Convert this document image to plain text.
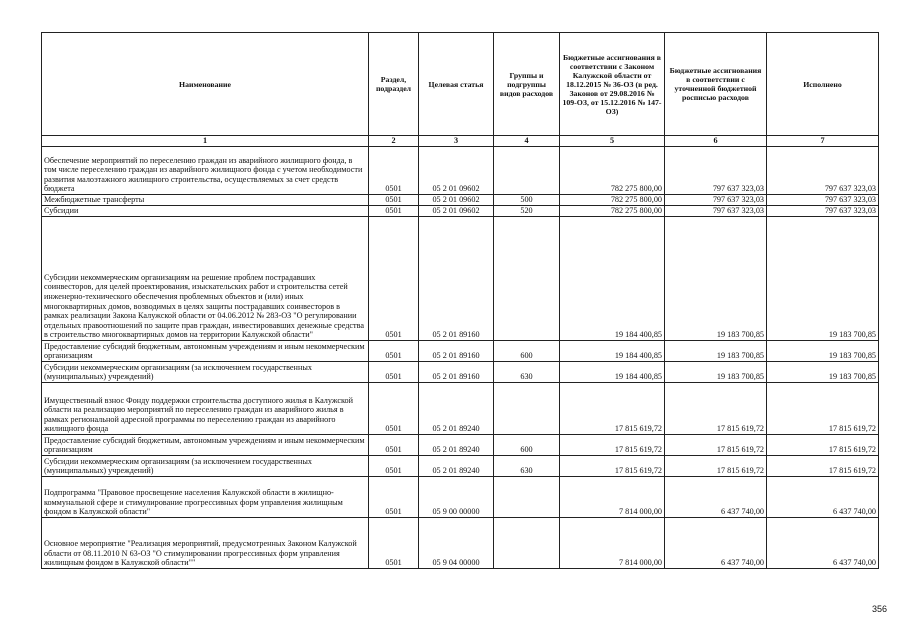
Наименование	Раздел, подраздел	Целевая статья	Группы и подгруппы видов расходов	Бюджетные ассигнования в соответствии с Законом Калужской области от 18.12.2015 № 36-ОЗ (в ред. Законов от 29.08.2016 № 109-ОЗ, от 15.12.2016 № 147-ОЗ)	Бюджетные ассигнования в соответствии с уточненной бюджетной росписью расходов	Исполнено
1	2	3	4	5	6	7
Обеспечение мероприятий по переселению граждан из аварийного жилищного фонда, в том числе переселению граждан из аварийного жилищного фонда с учетом необходимости развития малоэтажного жилищного строительства, осуществляемых за счет средств бюджета	0501	05 2 01 09602		782 275 800,00	797 637 323,03	797 637 323,03
Межбюджетные трансферты	0501	05 2 01 09602	500	782 275 800,00	797 637 323,03	797 637 323,03
Субсидии	0501	05 2 01 09602	520	782 275 800,00	797 637 323,03	797 637 323,03
Субсидии некоммерческим организациям на решение проблем пострадавших соинвесторов, для целей проектирования, изыскательских работ и строительства сетей инженерно-технического обеспечения проблемных объектов и (или) иных многоквартирных домов, возводимых в целях защиты пострадавших соинвесторов в рамках реализации Закона Калужской области от 04.06.2012 № 283-ОЗ "О регулировании отдельных правоотношений по защите прав граждан, инвестировавших денежные средства в строительство многоквартирных домов на территории Калужской области"	0501	05 2 01 89160		19 184 400,85	19 183 700,85	19 183 700,85
Предоставление субсидий бюджетным, автономным учреждениям и иным некоммерческим организациям	0501	05 2 01 89160	600	19 184 400,85	19 183 700,85	19 183 700,85
Субсидии некоммерческим организациям (за исключением государственных (муниципальных) учреждений)	0501	05 2 01 89160	630	19 184 400,85	19 183 700,85	19 183 700,85
Имущественный взнос Фонду поддержки строительства доступного жилья в Калужской области на реализацию мероприятий по переселению граждан из аварийного жилья в рамках региональной адресной программы по переселению граждан из аварийного жилищного фонда	0501	05 2 01 89240		17 815 619,72	17 815 619,72	17 815 619,72
Предоставление субсидий бюджетным, автономным учреждениям и иным некоммерческим организациям	0501	05 2 01 89240	600	17 815 619,72	17 815 619,72	17 815 619,72
Субсидии некоммерческим организациям (за исключением государственных (муниципальных) учреждений)	0501	05 2 01 89240	630	17 815 619,72	17 815 619,72	17 815 619,72
Подпрограмма "Правовое просвещение населения Калужской области в жилищно-коммунальной сфере и стимулирование прогрессивных форм управления жилищным фондом в Калужской области"	0501	05 9 00 00000		7 814 000,00	6 437 740,00	6 437 740,00
Основное мероприятие "Реализация мероприятий, предусмотренных Законом Калужской области от 08.11.2010 N 63-ОЗ "О стимулировании прогрессивных форм управления жилищным фондом в Калужской области""	0501	05 9 04 00000		7 814 000,00	6 437 740,00	6 437 740,00
356
